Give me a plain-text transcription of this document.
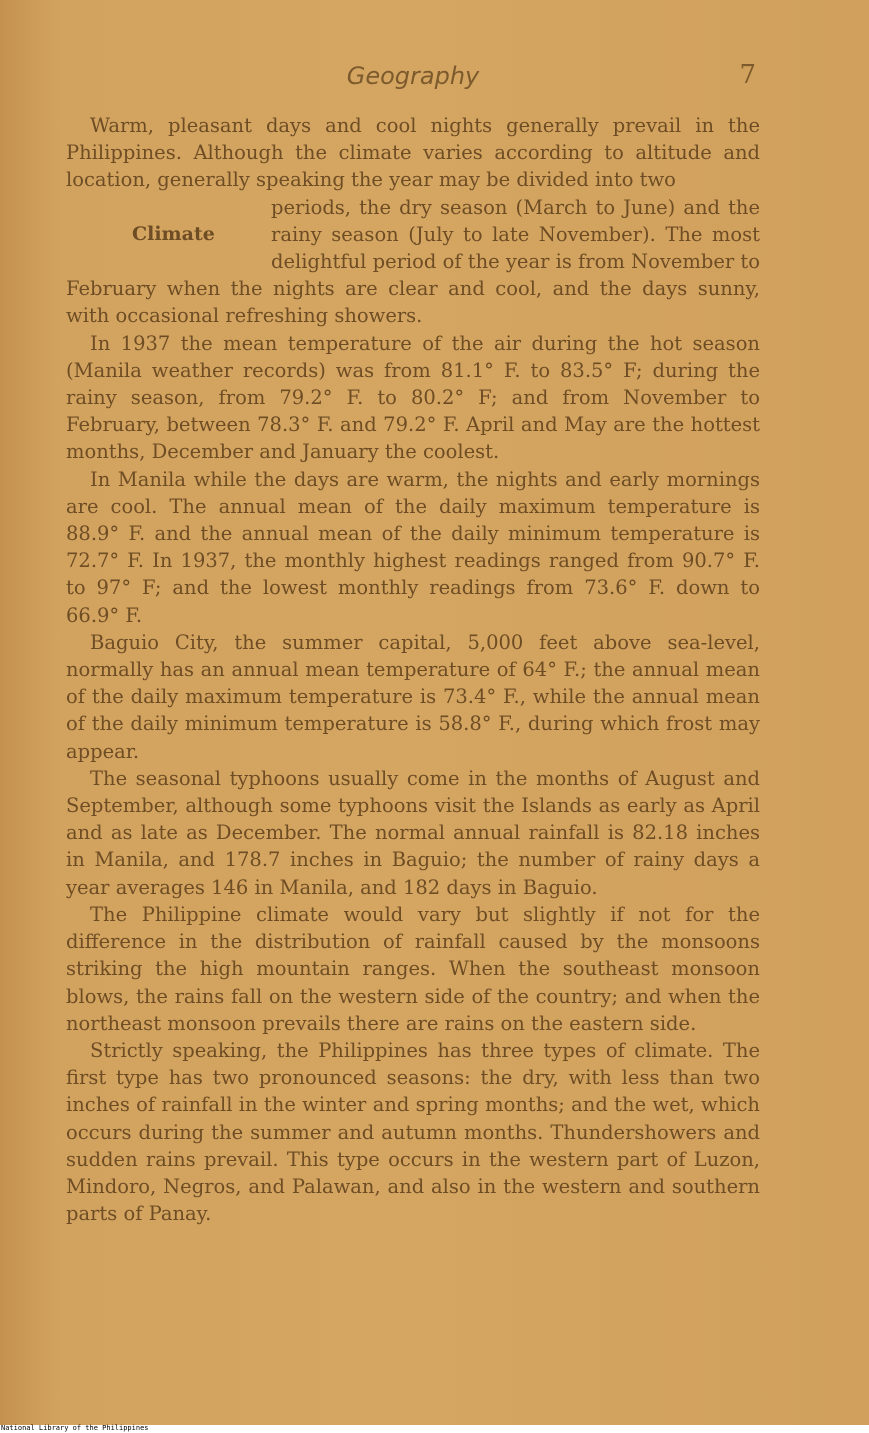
Geography	7

Warm, pleasant days and cool nights generally prevail in the Philippines. Although the climate varies according to altitude and location, generally speaking the year may be divided into two

Climate

periods, the dry season (March to June) and the rainy season (July to late November). The most delightful period of the year is from November to February when the nights are clear and cool, and the days sunny, with occasional refreshing showers.

In 1937 the mean temperature of the air during the hot season (Manila weather records) was from 81.1° F. to 83.5° F; during the rainy season, from 79.2° F. to 80.2° F; and from November to February, between 78.3° F. and 79.2° F. April and May are the hottest months, December and January the coolest.

In Manila while the days are warm, the nights and early mornings are cool. The annual mean of the daily maximum temperature is 88.9° F. and the annual mean of the daily minimum temperature is 72.7° F. In 1937, the monthly highest readings ranged from 90.7° F. to 97° F; and the lowest monthly readings from 73.6° F. down to 66.9° F.

Baguio City, the summer capital, 5,000 feet above sea-level, normally has an annual mean temperature of 64° F.; the annual mean of the daily maximum temperature is 73.4° F., while the annual mean of the daily minimum temperature is 58.8° F., during which frost may appear.

The seasonal typhoons usually come in the months of August and September, although some typhoons visit the Islands as early as April and as late as December. The normal annual rainfall is 82.18 inches in Manila, and 178.7 inches in Baguio; the number of rainy days a year averages 146 in Manila, and 182 days in Baguio.

The Philippine climate would vary but slightly if not for the difference in the distribution of rainfall caused by the monsoons striking the high mountain ranges. When the southeast monsoon blows, the rains fall on the western side of the country; and when the northeast monsoon prevails there are rains on the eastern side.

Strictly speaking, the Philippines has three types of climate. The first type has two pronounced seasons: the dry, with less than two inches of rainfall in the winter and spring months; and the wet, which occurs during the summer and autumn months. Thundershowers and sudden rains prevail. This type occurs in the western part of Luzon, Mindoro, Negros, and Palawan, and also in the western and southern parts of Panay.

National Library of the Philippines
